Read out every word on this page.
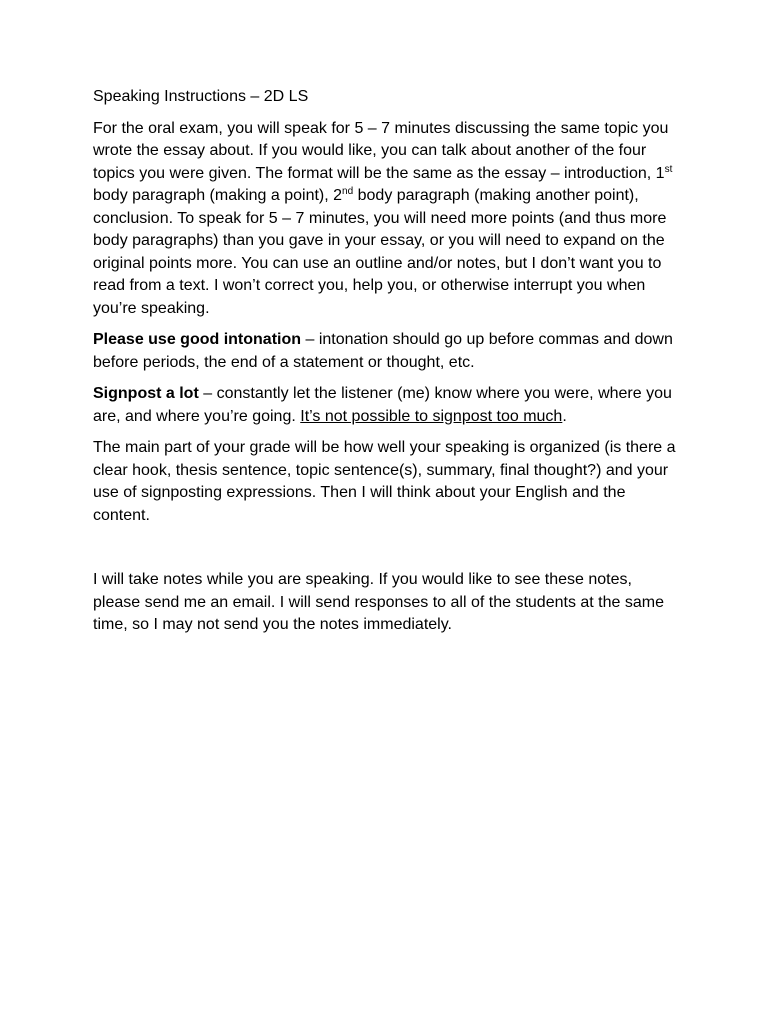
Speaking Instructions – 2D LS

For the oral exam, you will speak for 5 – 7 minutes discussing the same topic you wrote the essay about. If you would like, you can talk about another of the four topics you were given. The format will be the same as the essay – introduction, 1st body paragraph (making a point), 2nd body paragraph (making another point), conclusion. To speak for 5 – 7 minutes, you will need more points (and thus more body paragraphs) than you gave in your essay, or you will need to expand on the original points more. You can use an outline and/or notes, but I don’t want you to read from a text. I won’t correct you, help you, or otherwise interrupt you when you’re speaking.

Please use good intonation – intonation should go up before commas and down before periods, the end of a statement or thought, etc.

Signpost a lot – constantly let the listener (me) know where you were, where you are, and where you’re going. It’s not possible to signpost too much.

The main part of your grade will be how well your speaking is organized (is there a clear hook, thesis sentence, topic sentence(s), summary, final thought?) and your use of signposting expressions. Then I will think about your English and the content.

I will take notes while you are speaking. If you would like to see these notes, please send me an email. I will send responses to all of the students at the same time, so I may not send you the notes immediately.
